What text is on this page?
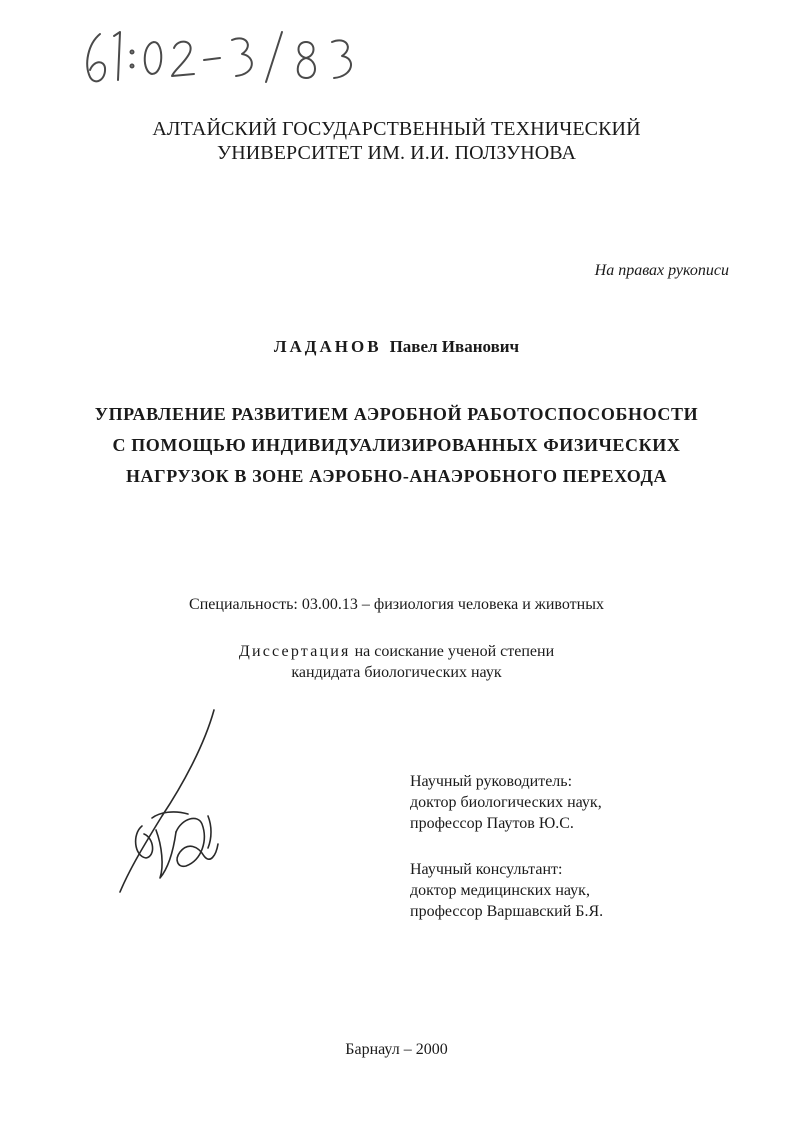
АЛТАЙСКИЙ ГОСУДАРСТВЕННЫЙ ТЕХНИЧЕСКИЙ
УНИВЕРСИТЕТ ИМ. И.И. ПОЛЗУНОВА
На правах рукописи
ЛАДАНОВ Павел Иванович
УПРАВЛЕНИЕ РАЗВИТИЕМ АЭРОБНОЙ РАБОТОСПОСОБНОСТИ
С ПОМОЩЬЮ ИНДИВИДУАЛИЗИРОВАННЫХ ФИЗИЧЕСКИХ
НАГРУЗОК В ЗОНЕ АЭРОБНО-АНАЭРОБНОГО ПЕРЕХОДА
Специальность: 03.00.13 – физиология человека и животных
Диссертация на соискание ученой степени
кандидата биологических наук
Научный руководитель:
доктор биологических наук,
профессор Паутов Ю.С.
Научный консультант:
доктор медицинских наук,
профессор Варшавский Б.Я.
Барнаул – 2000
